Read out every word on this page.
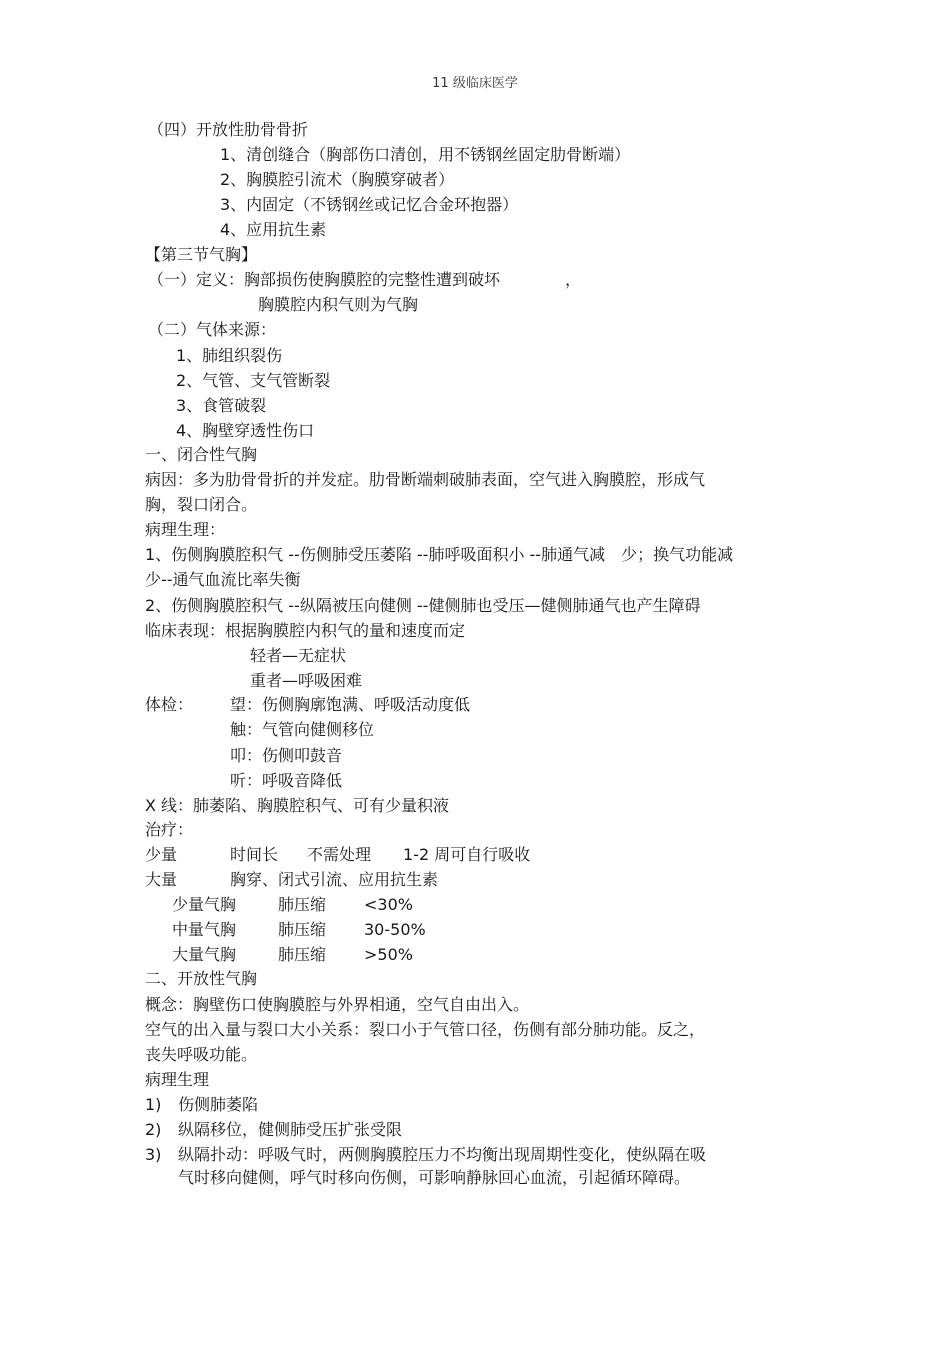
11 级临床医学
（四）开放性肋骨骨折
1、清创缝合（胸部伤口清创，用不锈钢丝固定肋骨断端）
2、胸膜腔引流术（胸膜穿破者）
3、内固定（不锈钢丝或记忆合金环抱器）
4、应用抗生素
【第三节气胸】
（一）定义：胸部损伤使胸膜腔的完整性遭到破坏	，
胸膜腔内积气则为气胸
（二）气体来源：
1、肺组织裂伤
2、气管、支气管断裂
3、食管破裂
4、胸壁穿透性伤口
一、闭合性气胸
病因：多为肋骨骨折的并发症。肋骨断端刺破肺表面，空气进入胸膜腔，形成气
胸，裂口闭合。
病理生理：
1、伤侧胸膜腔积气 --伤侧肺受压萎陷 --肺呼吸面积小 --肺通气减　少；换气功能减
少--通气血流比率失衡
2、伤侧胸膜腔积气 --纵隔被压向健侧 --健侧肺也受压—健侧肺通气也产生障碍
临床表现：根据胸膜腔内积气的量和速度而定
轻者—无症状
重者—呼吸困难
体检： 望：伤侧胸廓饱满、呼吸活动度低
触：气管向健侧移位
叩：伤侧叩鼓音
听：呼吸音降低
X 线：肺萎陷、胸膜腔积气、可有少量积液
治疗：
少量	时间长 不需处理 1-2 周可自行吸收
大量	胸穿、闭式引流、应用抗生素
少量气胸	肺压缩 <30%
中量气胸	肺压缩 30-50%
大量气胸	肺压缩 >50%
二、开放性气胸
概念：胸壁伤口使胸膜腔与外界相通，空气自由出入。
空气的出入量与裂口大小关系：裂口小于气管口径，伤侧有部分肺功能。反之，
丧失呼吸功能。
病理生理
1) 伤侧肺萎陷
2) 纵隔移位，健侧肺受压扩张受限
3) 纵隔扑动：呼吸气时，两侧胸膜腔压力不均衡出现周期性变化，使纵隔在吸
气时移向健侧，呼气时移向伤侧，可影响静脉回心血流，引起循环障碍。
